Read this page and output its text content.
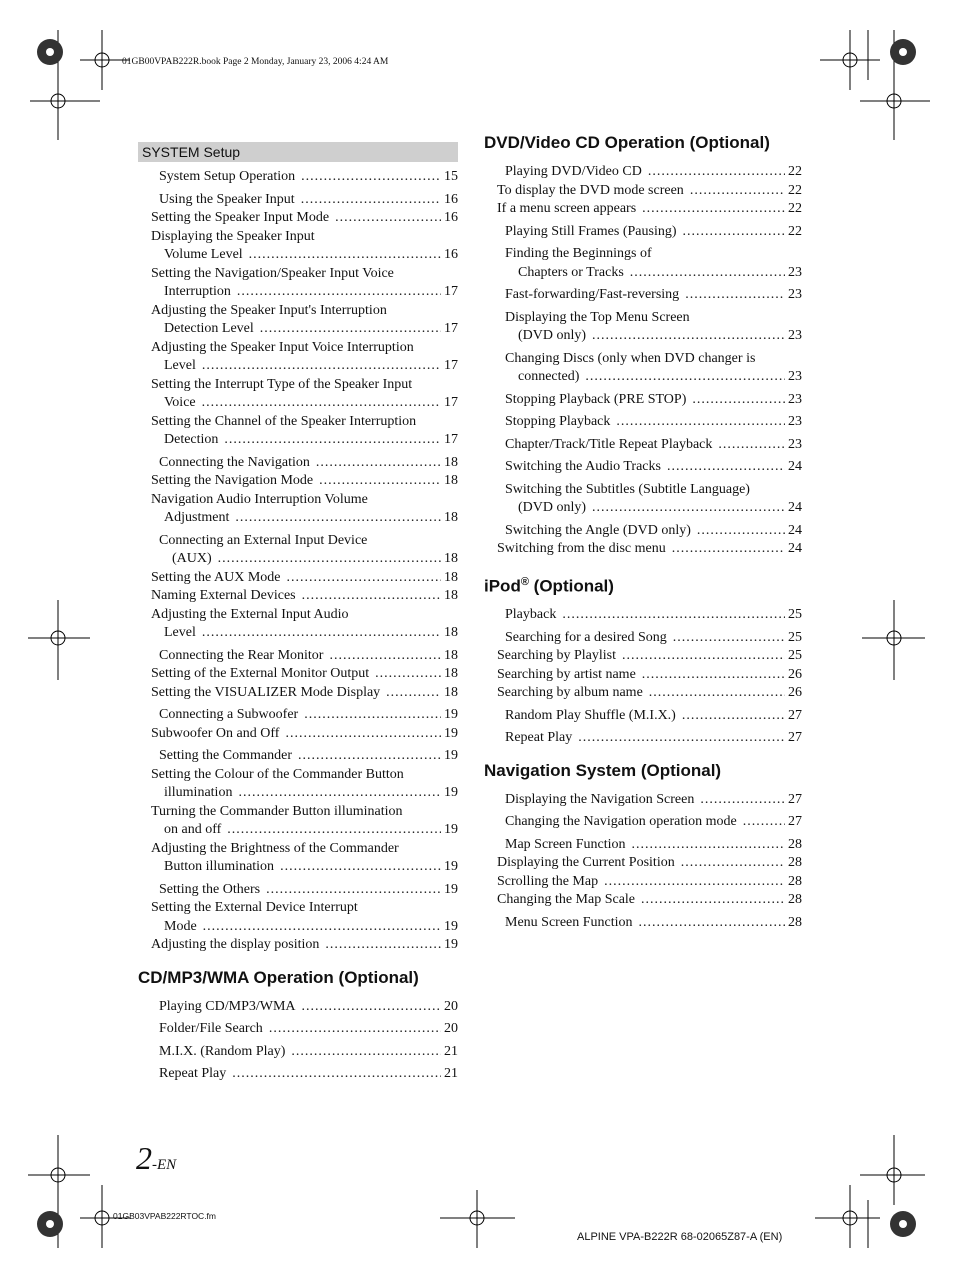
01GB00VPAB222R.book Page 2 Monday, January 23, 2006 4:24 AM
SYSTEM Setup
System Setup Operation .....	15
Using the Speaker Input .....	16
Setting the Speaker Input Mode .....	16
Displaying the Speaker Input
Volume Level .....	16
Setting the Navigation/Speaker Input Voice
Interruption .....	17
Adjusting the Speaker Input's Interruption
Detection Level .....	17
Adjusting the Speaker Input Voice Interruption
Level .....	17
Setting the Interrupt Type of the Speaker Input
Voice .....	17
Setting the Channel of the Speaker Interruption
Detection .....	17
Connecting the Navigation .....	18
Setting the Navigation Mode .....	18
Navigation Audio Interruption Volume
Adjustment .....	18
Connecting an External Input Device
(AUX) .....	18
Setting the AUX Mode .....	18
Naming External Devices .....	18
Adjusting the External Input Audio
Level .....	18
Connecting the Rear Monitor .....	18
Setting of the External Monitor Output .....	18
Setting the VISUALIZER Mode Display .....	18
Connecting a Subwoofer .....	19
Subwoofer On and Off .....	19
Setting the Commander .....	19
Setting the Colour of the Commander Button
illumination .....	19
Turning the Commander Button illumination
on and off .....	19
Adjusting the Brightness of the Commander
Button illumination .....	19
Setting the Others .....	19
Setting the External Device Interrupt
Mode .....	19
Adjusting the display position .....	19
CD/MP3/WMA Operation (Optional)
Playing CD/MP3/WMA .....	20
Folder/File Search .....	20
M.I.X. (Random Play) .....	21
Repeat Play .....	21
DVD/Video CD Operation (Optional)
Playing DVD/Video CD .....	22
To display the DVD mode screen .....	22
If a menu screen appears .....	22
Playing Still Frames (Pausing) .....	22
Finding the Beginnings of
Chapters or Tracks .....	23
Fast-forwarding/Fast-reversing .....	23
Displaying the Top Menu Screen
(DVD only) .....	23
Changing Discs (only when DVD changer is
connected) .....	23
Stopping Playback (PRE STOP) .....	23
Stopping Playback .....	23
Chapter/Track/Title Repeat Playback .....	23
Switching the Audio Tracks .....	24
Switching the Subtitles (Subtitle Language)
(DVD only) .....	24
Switching the Angle (DVD only) .....	24
Switching from the disc menu .....	24
iPod® (Optional)
Playback .....	25
Searching for a desired Song .....	25
Searching by Playlist .....	25
Searching by artist name .....	26
Searching by album name .....	26
Random Play Shuffle (M.I.X.) .....	27
Repeat Play .....	27
Navigation System (Optional)
Displaying the Navigation Screen .....	27
Changing the Navigation operation mode .....	27
Map Screen Function .....	28
Displaying the Current Position .....	28
Scrolling the Map .....	28
Changing the Map Scale .....	28
Menu Screen Function .....	28
2-EN
01GB03VPAB222RTOC.fm
ALPINE VPA-B222R 68-02065Z87-A (EN)
